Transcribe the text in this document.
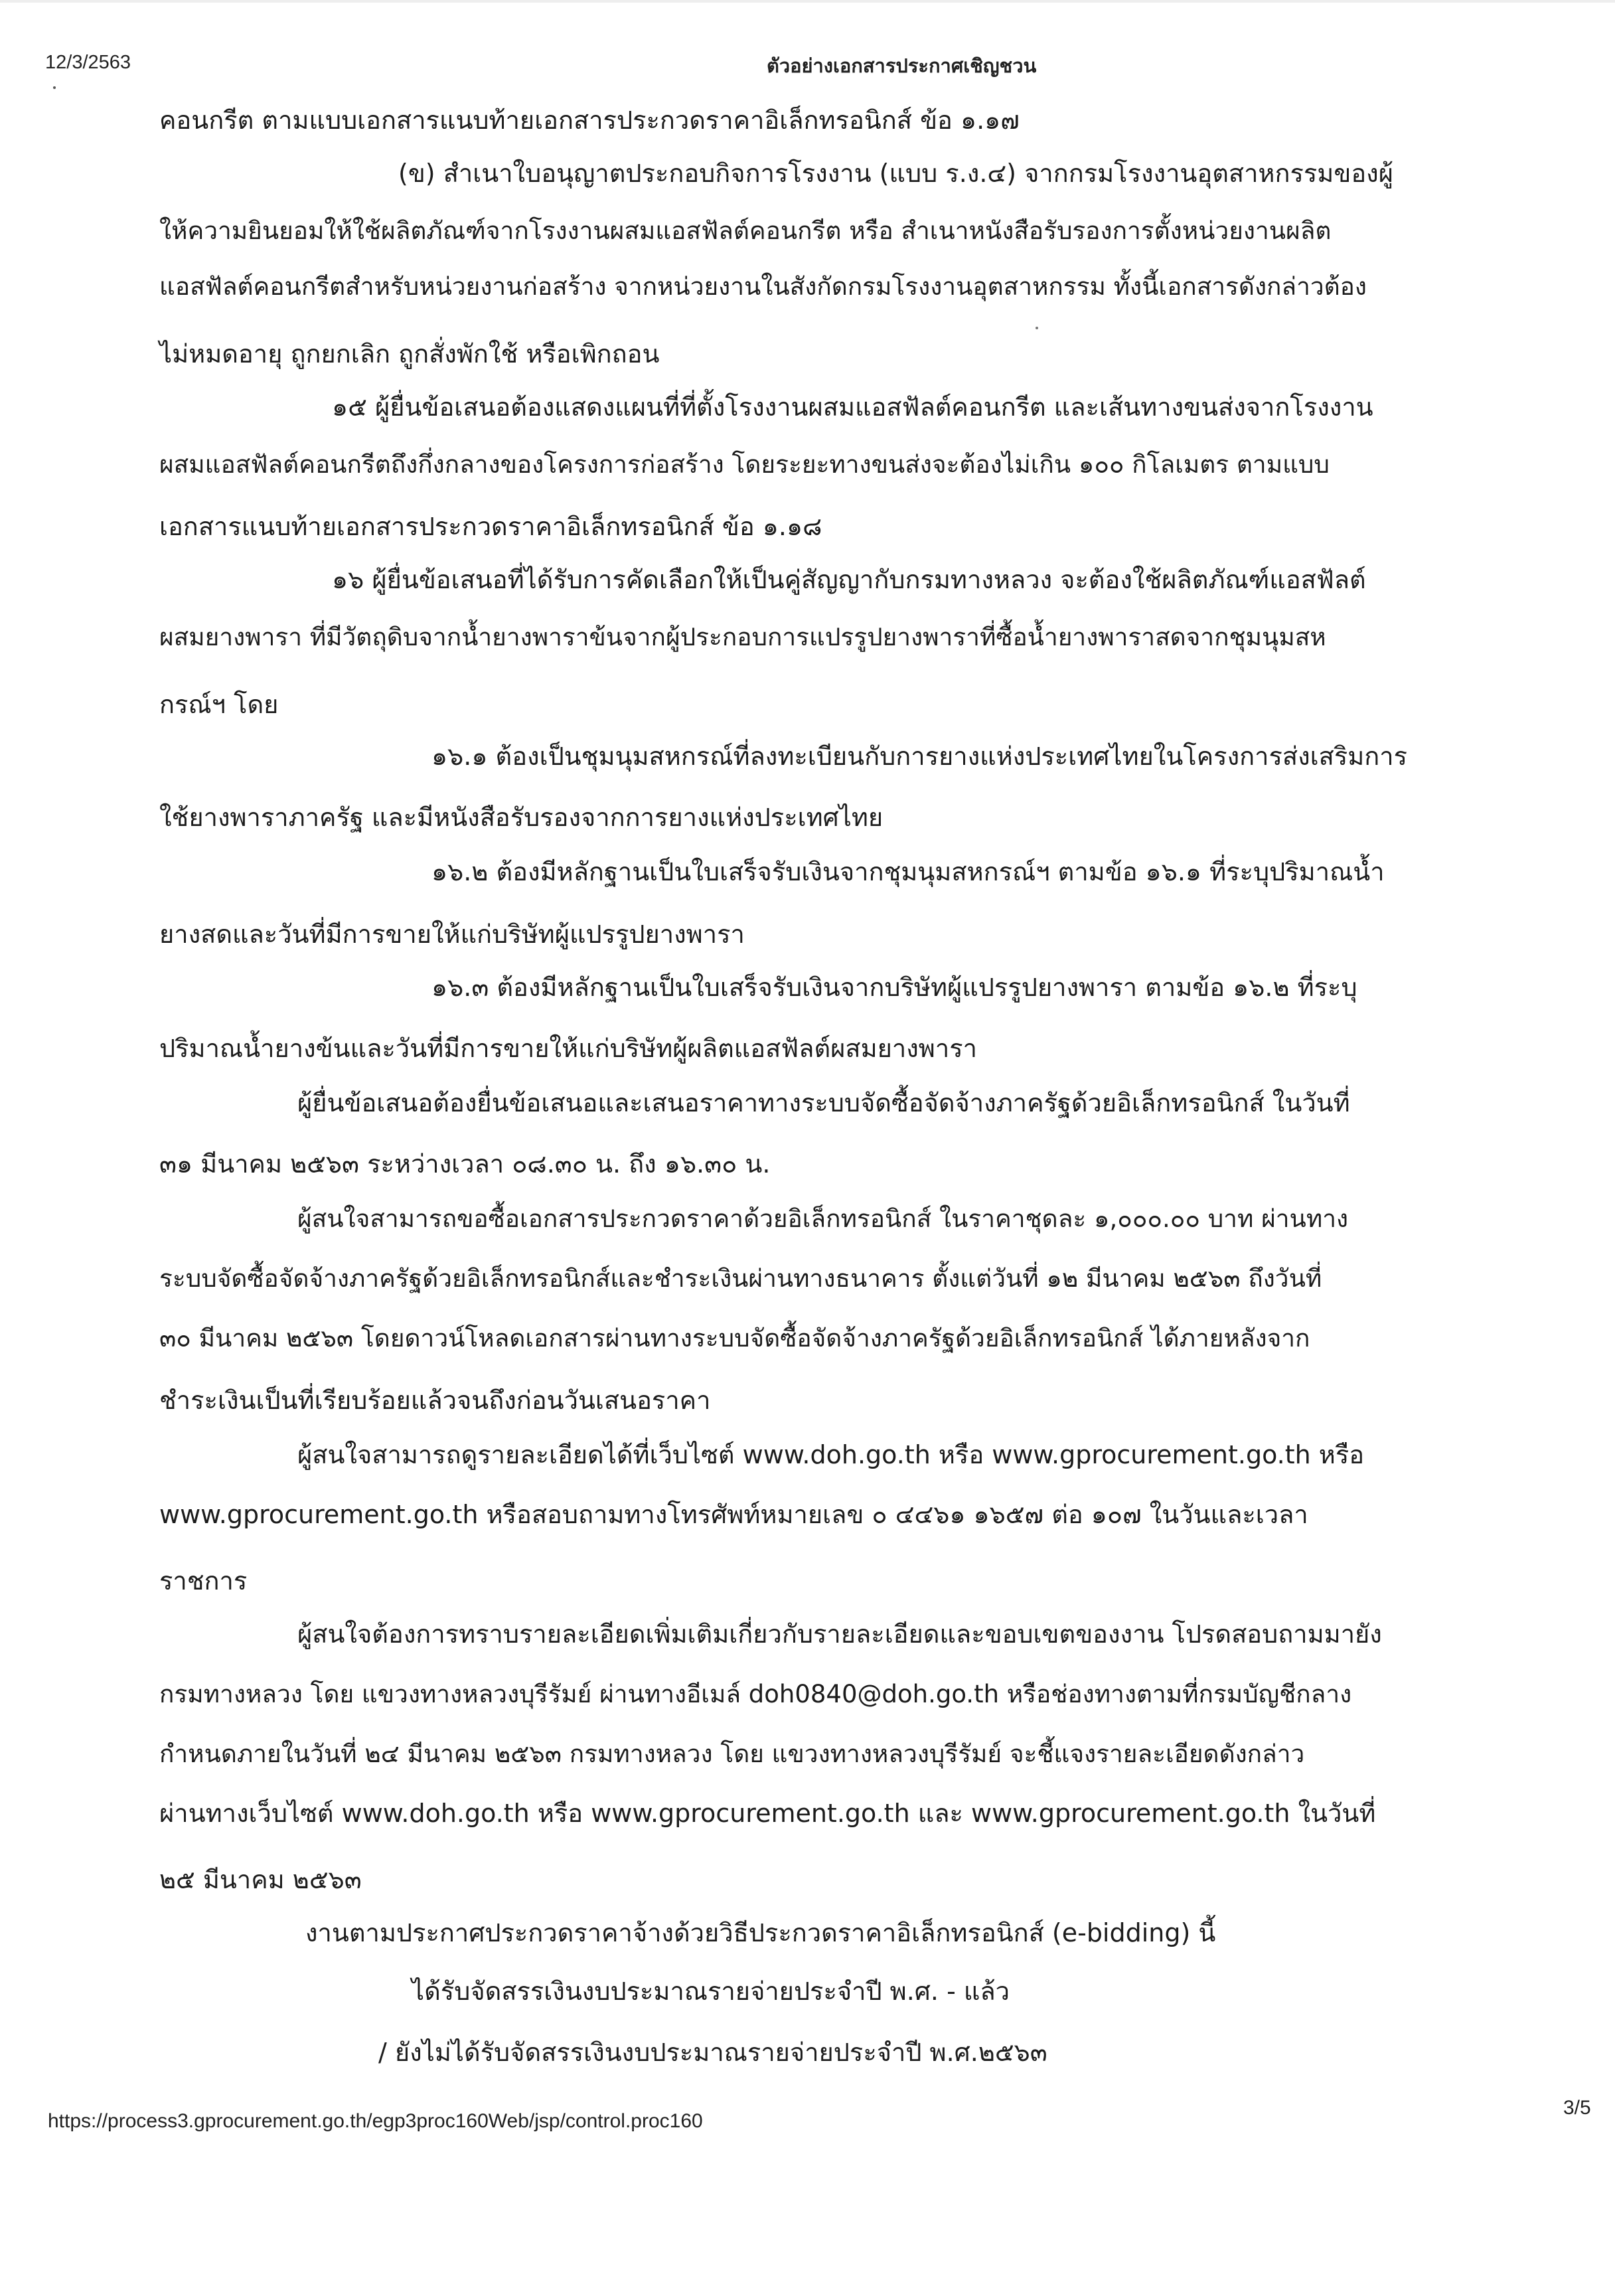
12/3/2563	ตัวอย่างเอกสารประกาศเชิญชวน
คอนกรีต ตามแบบเอกสารแนบท้ายเอกสารประกวดราคาอิเล็กทรอนิกส์ ข้อ ๑.๑๗
(ข) สำเนาใบอนุญาตประกอบกิจการโรงงาน (แบบ ร.ง.๔) จากกรมโรงงานอุตสาหกรรมของผู้
ให้ความยินยอมให้ใช้ผลิตภัณฑ์จากโรงงานผสมแอสฟัลต์คอนกรีต หรือ สำเนาหนังสือรับรองการตั้งหน่วยงานผลิต
แอสฟัลต์คอนกรีตสำหรับหน่วยงานก่อสร้าง จากหน่วยงานในสังกัดกรมโรงงานอุตสาหกรรม ทั้งนี้เอกสารดังกล่าวต้อง
ไม่หมดอายุ ถูกยกเลิก ถูกสั่งพักใช้ หรือเพิกถอน
๑๕ ผู้ยื่นข้อเสนอต้องแสดงแผนที่ที่ตั้งโรงงานผสมแอสฟัลต์คอนกรีต และเส้นทางขนส่งจากโรงงาน
ผสมแอสฟัลต์คอนกรีตถึงกึ่งกลางของโครงการก่อสร้าง โดยระยะทางขนส่งจะต้องไม่เกิน ๑๐๐ กิโลเมตร ตามแบบ
เอกสารแนบท้ายเอกสารประกวดราคาอิเล็กทรอนิกส์ ข้อ ๑.๑๘
๑๖ ผู้ยื่นข้อเสนอที่ได้รับการคัดเลือกให้เป็นคู่สัญญากับกรมทางหลวง จะต้องใช้ผลิตภัณฑ์แอสฟัลต์
ผสมยางพารา ที่มีวัตถุดิบจากน้ำยางพาราข้นจากผู้ประกอบการแปรรูปยางพาราที่ซื้อน้ำยางพาราสดจากชุมนุมสห
กรณ์ฯ โดย
๑๖.๑ ต้องเป็นชุมนุมสหกรณ์ที่ลงทะเบียนกับการยางแห่งประเทศไทยในโครงการส่งเสริมการ
ใช้ยางพาราภาครัฐ และมีหนังสือรับรองจากการยางแห่งประเทศไทย
๑๖.๒ ต้องมีหลักฐานเป็นใบเสร็จรับเงินจากชุมนุมสหกรณ์ฯ ตามข้อ ๑๖.๑ ที่ระบุปริมาณน้ำ
ยางสดและวันที่มีการขายให้แก่บริษัทผู้แปรรูปยางพารา
๑๖.๓ ต้องมีหลักฐานเป็นใบเสร็จรับเงินจากบริษัทผู้แปรรูปยางพารา ตามข้อ ๑๖.๒ ที่ระบุ
ปริมาณน้ำยางข้นและวันที่มีการขายให้แก่บริษัทผู้ผลิตแอสฟัลต์ผสมยางพารา
ผู้ยื่นข้อเสนอต้องยื่นข้อเสนอและเสนอราคาทางระบบจัดซื้อจัดจ้างภาครัฐด้วยอิเล็กทรอนิกส์ ในวันที่
๓๑ มีนาคม ๒๕๖๓ ระหว่างเวลา ๐๘.๓๐ น. ถึง ๑๖.๓๐ น.
ผู้สนใจสามารถขอซื้อเอกสารประกวดราคาด้วยอิเล็กทรอนิกส์ ในราคาชุดละ ๑,๐๐๐.๐๐ บาท ผ่านทาง
ระบบจัดซื้อจัดจ้างภาครัฐด้วยอิเล็กทรอนิกส์และชำระเงินผ่านทางธนาคาร ตั้งแต่วันที่ ๑๒ มีนาคม ๒๕๖๓ ถึงวันที่
๓๐ มีนาคม ๒๕๖๓ โดยดาวน์โหลดเอกสารผ่านทางระบบจัดซื้อจัดจ้างภาครัฐด้วยอิเล็กทรอนิกส์ ได้ภายหลังจาก
ชำระเงินเป็นที่เรียบร้อยแล้วจนถึงก่อนวันเสนอราคา
ผู้สนใจสามารถดูรายละเอียดได้ที่เว็บไซต์ www.doh.go.th หรือ www.gprocurement.go.th หรือ
www.gprocurement.go.th หรือสอบถามทางโทรศัพท์หมายเลข ๐ ๔๔๖๑ ๑๖๕๗ ต่อ ๑๐๗ ในวันและเวลา
ราชการ
ผู้สนใจต้องการทราบรายละเอียดเพิ่มเติมเกี่ยวกับรายละเอียดและขอบเขตของงาน โปรดสอบถามมายัง
กรมทางหลวง โดย แขวงทางหลวงบุรีรัมย์ ผ่านทางอีเมล์ doh0840@doh.go.th หรือช่องทางตามที่กรมบัญชีกลาง
กำหนดภายในวันที่ ๒๔ มีนาคม ๒๕๖๓ กรมทางหลวง โดย แขวงทางหลวงบุรีรัมย์ จะชี้แจงรายละเอียดดังกล่าว
ผ่านทางเว็บไซต์ www.doh.go.th หรือ www.gprocurement.go.th และ www.gprocurement.go.th ในวันที่
๒๕ มีนาคม ๒๕๖๓
งานตามประกาศประกวดราคาจ้างด้วยวิธีประกวดราคาอิเล็กทรอนิกส์ (e-bidding) นี้
ได้รับจัดสรรเงินงบประมาณรายจ่ายประจำปี พ.ศ. - แล้ว
/ ยังไม่ได้รับจัดสรรเงินงบประมาณรายจ่ายประจำปี พ.ศ.๒๕๖๓
https://process3.gprocurement.go.th/egp3proc160Web/jsp/control.proc160
3/5
